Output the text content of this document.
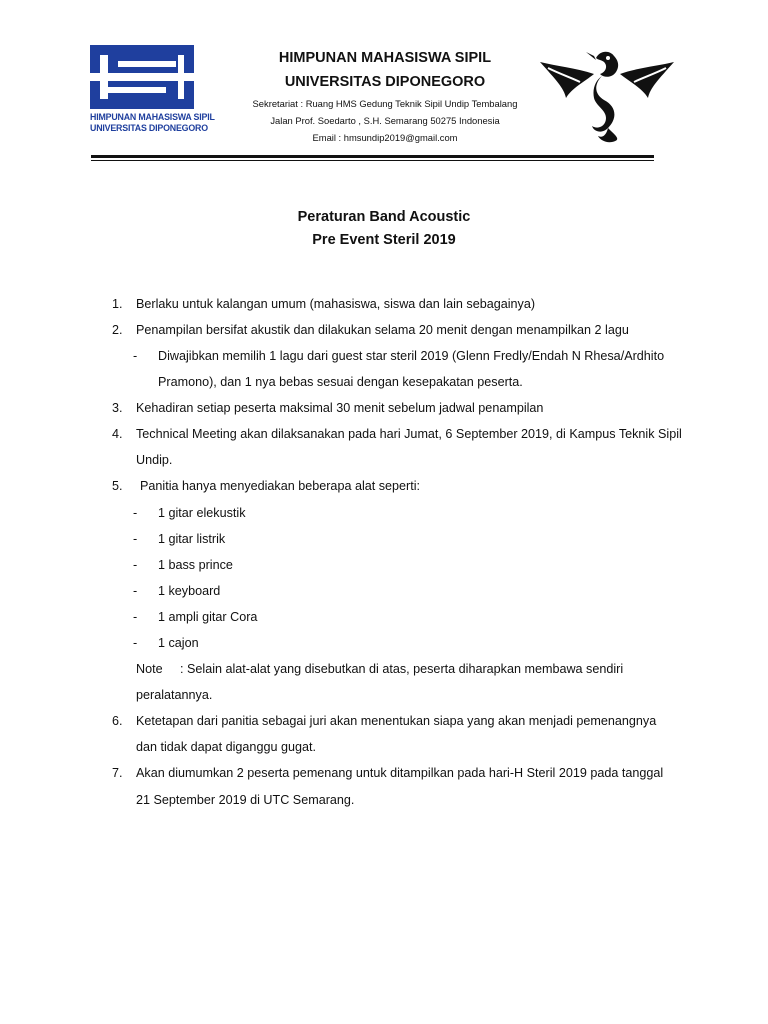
HIMPUNAN MAHASISWA SIPIL
UNIVERSITAS DIPONEGORO
HIMPUNAN MAHASISWA SIPIL
UNIVERSITAS DIPONEGORO
Sekretariat : Ruang HMS Gedung Teknik Sipil Undip Tembalang
Jalan Prof. Soedarto , S.H. Semarang 50275 Indonesia
Email : hmsundip2019@gmail.com
Peraturan Band Acoustic
Pre Event Steril 2019
1. Berlaku untuk kalangan umum (mahasiswa, siswa dan lain sebagainya)
2. Penampilan bersifat akustik dan dilakukan selama 20 menit dengan menampilkan 2 lagu
- Diwajibkan memilih 1 lagu dari guest star steril 2019 (Glenn Fredly/Endah N Rhesa/Ardhito
Pramono), dan 1 nya bebas sesuai dengan kesepakatan peserta.
3. Kehadiran setiap peserta maksimal 30 menit sebelum jadwal penampilan
4. Technical Meeting akan dilaksanakan pada hari Jumat, 6 September 2019, di Kampus Teknik Sipil
Undip.
5. Panitia hanya menyediakan beberapa alat seperti:
- 1 gitar elekustik
- 1 gitar listrik
- 1 bass prince
- 1 keyboard
- 1 ampli gitar Cora
- 1 cajon
Note : Selain alat-alat yang disebutkan di atas, peserta diharapkan membawa sendiri
peralatannya.
6. Ketetapan dari panitia sebagai juri akan menentukan siapa yang akan menjadi pemenangnya
dan tidak dapat diganggu gugat.
7. Akan diumumkan 2 peserta pemenang untuk ditampilkan pada hari-H Steril 2019 pada tanggal
21 September 2019 di UTC Semarang.
